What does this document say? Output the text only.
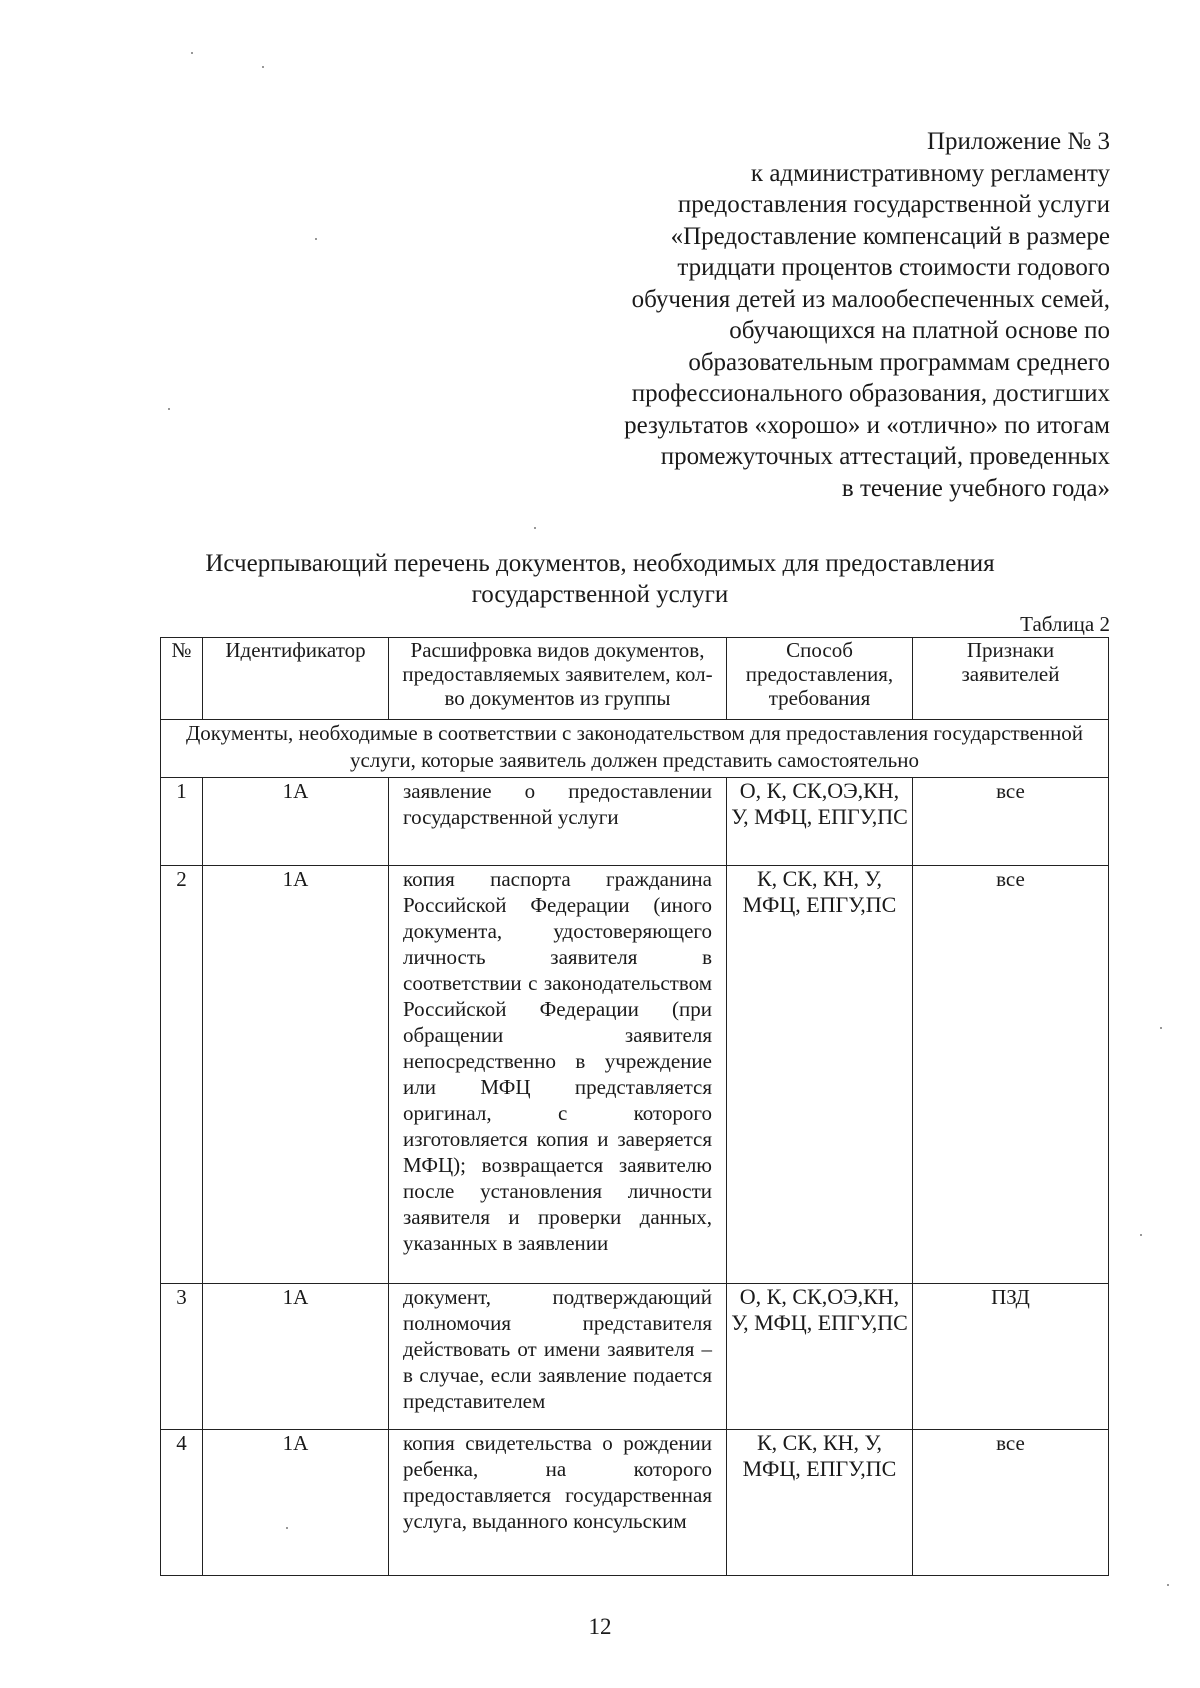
Приложение № 3
к административному регламенту
предоставления государственной услуги
«Предоставление компенсаций в размере
тридцати процентов стоимости годового
обучения детей из малообеспеченных семей,
обучающихся на платной основе по
образовательным программам среднего
профессионального образования, достигших
результатов «хорошо» и «отлично» по итогам
промежуточных аттестаций, проведенных
в течение учебного года»
Исчерпывающий перечень документов, необходимых для предоставления
государственной услуги
Таблица 2
№	Идентификатор	Расшифровка видов документов, предоставляемых заявителем, кол-во документов из группы	Способ предоставления, требования	Признаки заявителей
Документы, необходимые в соответствии с законодательством для предоставления государственной услуги, которые заявитель должен представить самостоятельно				
1	1А	заявление о предоставлении государственной услуги	О, К, СК,ОЭ,КН, У, МФЦ, ЕПГУ,ПС	все
2	1А	копия паспорта гражданина Российской Федерации (иного документа, удостоверяющего личность заявителя в соответствии с законодательством Российской Федерации (при обращении заявителя непосредственно в учреждение или МФЦ представляется оригинал, с которого изготовляется копия и заверяется МФЦ); возвращается заявителю после установления личности заявителя и проверки данных, указанных в заявлении	К, СК, КН, У, МФЦ, ЕПГУ,ПС	все
3	1А	документ, подтверждающий полномочия представителя действовать от имени заявителя – в случае, если заявление подается представителем	О, К, СК,ОЭ,КН, У, МФЦ, ЕПГУ,ПС	ПЗД
4	1А	копия свидетельства о рождении ребенка, на которого предоставляется государственная услуга, выданного консульским	К, СК, КН, У, МФЦ, ЕПГУ,ПС	все
12
